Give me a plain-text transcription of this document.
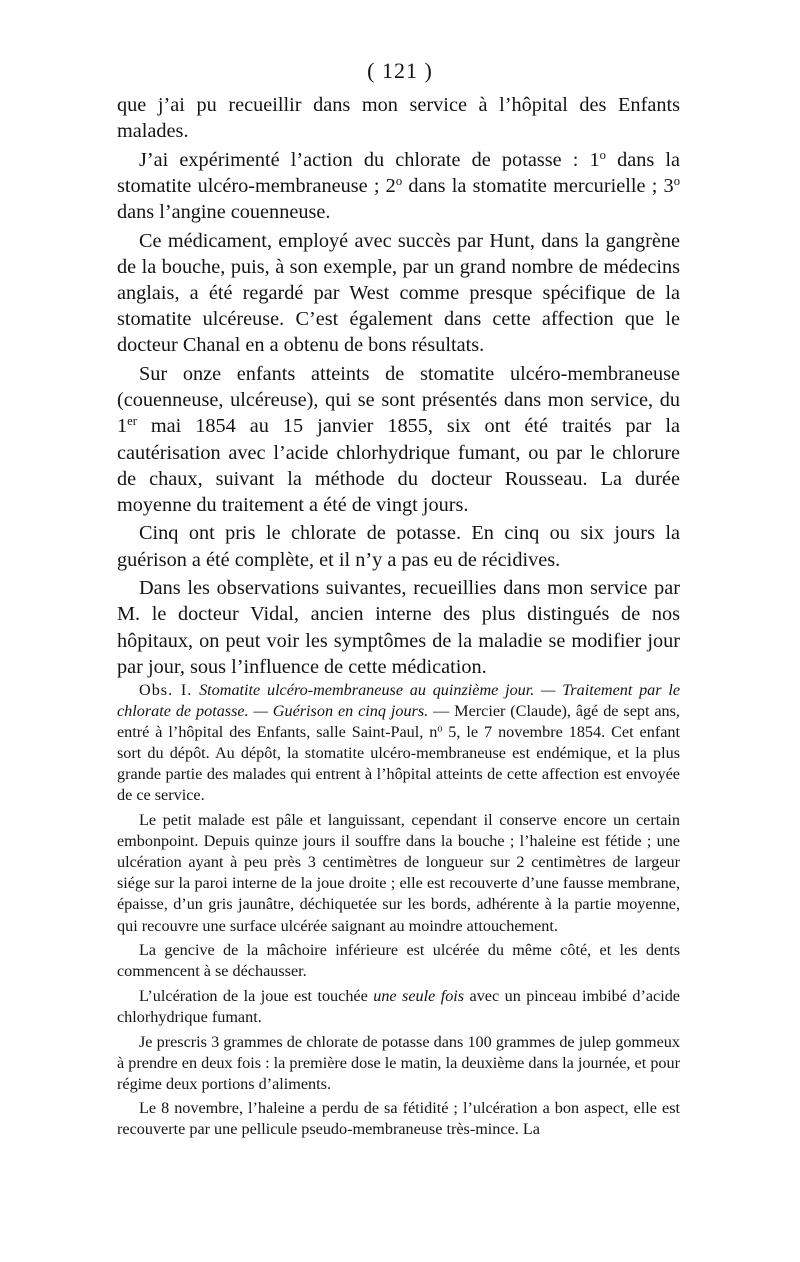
( 121 )

que j’ai pu recueillir dans mon service à l’hôpital des Enfants malades.

J’ai expérimenté l’action du chlorate de potasse : 1$^o$ dans la stomatite ulcéro-membraneuse ; 2$^o$ dans la stomatite mercurielle ; 3$^o$ dans l’angine couenneuse.

Ce médicament, employé avec succès par Hunt, dans la gangrène de la bouche, puis, à son exemple, par un grand nombre de médecins anglais, a été regardé par West comme presque spécifique de la stomatite ulcéreuse. C’est également dans cette affection que le docteur Chanal en a obtenu de bons résultats.

Sur onze enfants atteints de stomatite ulcéro-membraneuse (couenneuse, ulcéreuse), qui se sont présentés dans mon service, du 1er mai 1854 au 15 janvier 1855, six ont été traités par la cautérisation avec l’acide chlorhydrique fumant, ou par le chlorure de chaux, suivant la méthode du docteur Rousseau. La durée moyenne du traitement a été de vingt jours.

Cinq ont pris le chlorate de potasse. En cinq ou six jours la guérison a été complète, et il n’y a pas eu de récidives.

Dans les observations suivantes, recueillies dans mon service par M. le docteur Vidal, ancien interne des plus distingués de nos hôpitaux, on peut voir les symptômes de la maladie se modifier jour par jour, sous l’influence de cette médication.

Obs. I. Stomatite ulcéro-membraneuse au quinzième jour. — Traitement par le chlorate de potasse. — Guérison en cinq jours. — Mercier (Claude), âgé de sept ans, entré à l’hôpital des Enfants, salle Saint-Paul, $n^o$ 5, le 7 novembre 1854. Cet enfant sort du dépôt. Au dépôt, la stomatite ulcéro-membraneuse est endémique, et la plus grande partie des malades qui entrent à l’hôpital atteints de cette affection est envoyée de ce service.

Le petit malade est pâle et languissant, cependant il conserve encore un certain embonpoint. Depuis quinze jours il souffre dans la bouche ; l’haleine est fétide ; une ulcération ayant à peu près 3 centimètres de longueur sur 2 centimètres de largeur siége sur la paroi interne de la joue droite ; elle est recouverte d’une fausse membrane, épaisse, d’un gris jaunâtre, déchiquetée sur les bords, adhérente à la partie moyenne, qui recouvre une surface ulcérée saignant au moindre attouchement.

La gencive de la mâchoire inférieure est ulcérée du même côté, et les dents commencent à se déchausser.

L’ulcération de la joue est touchée une seule fois avec un pinceau imbibé d’acide chlorhydrique fumant.

Je prescris 3 grammes de chlorate de potasse dans 100 grammes de julep gommeux à prendre en deux fois : la première dose le matin, la deuxième dans la journée, et pour régime deux portions d’aliments.

Le 8 novembre, l’haleine a perdu de sa fétidité ; l’ulcération a bon aspect, elle est recouverte par une pellicule pseudo-membraneuse très-mince. La
